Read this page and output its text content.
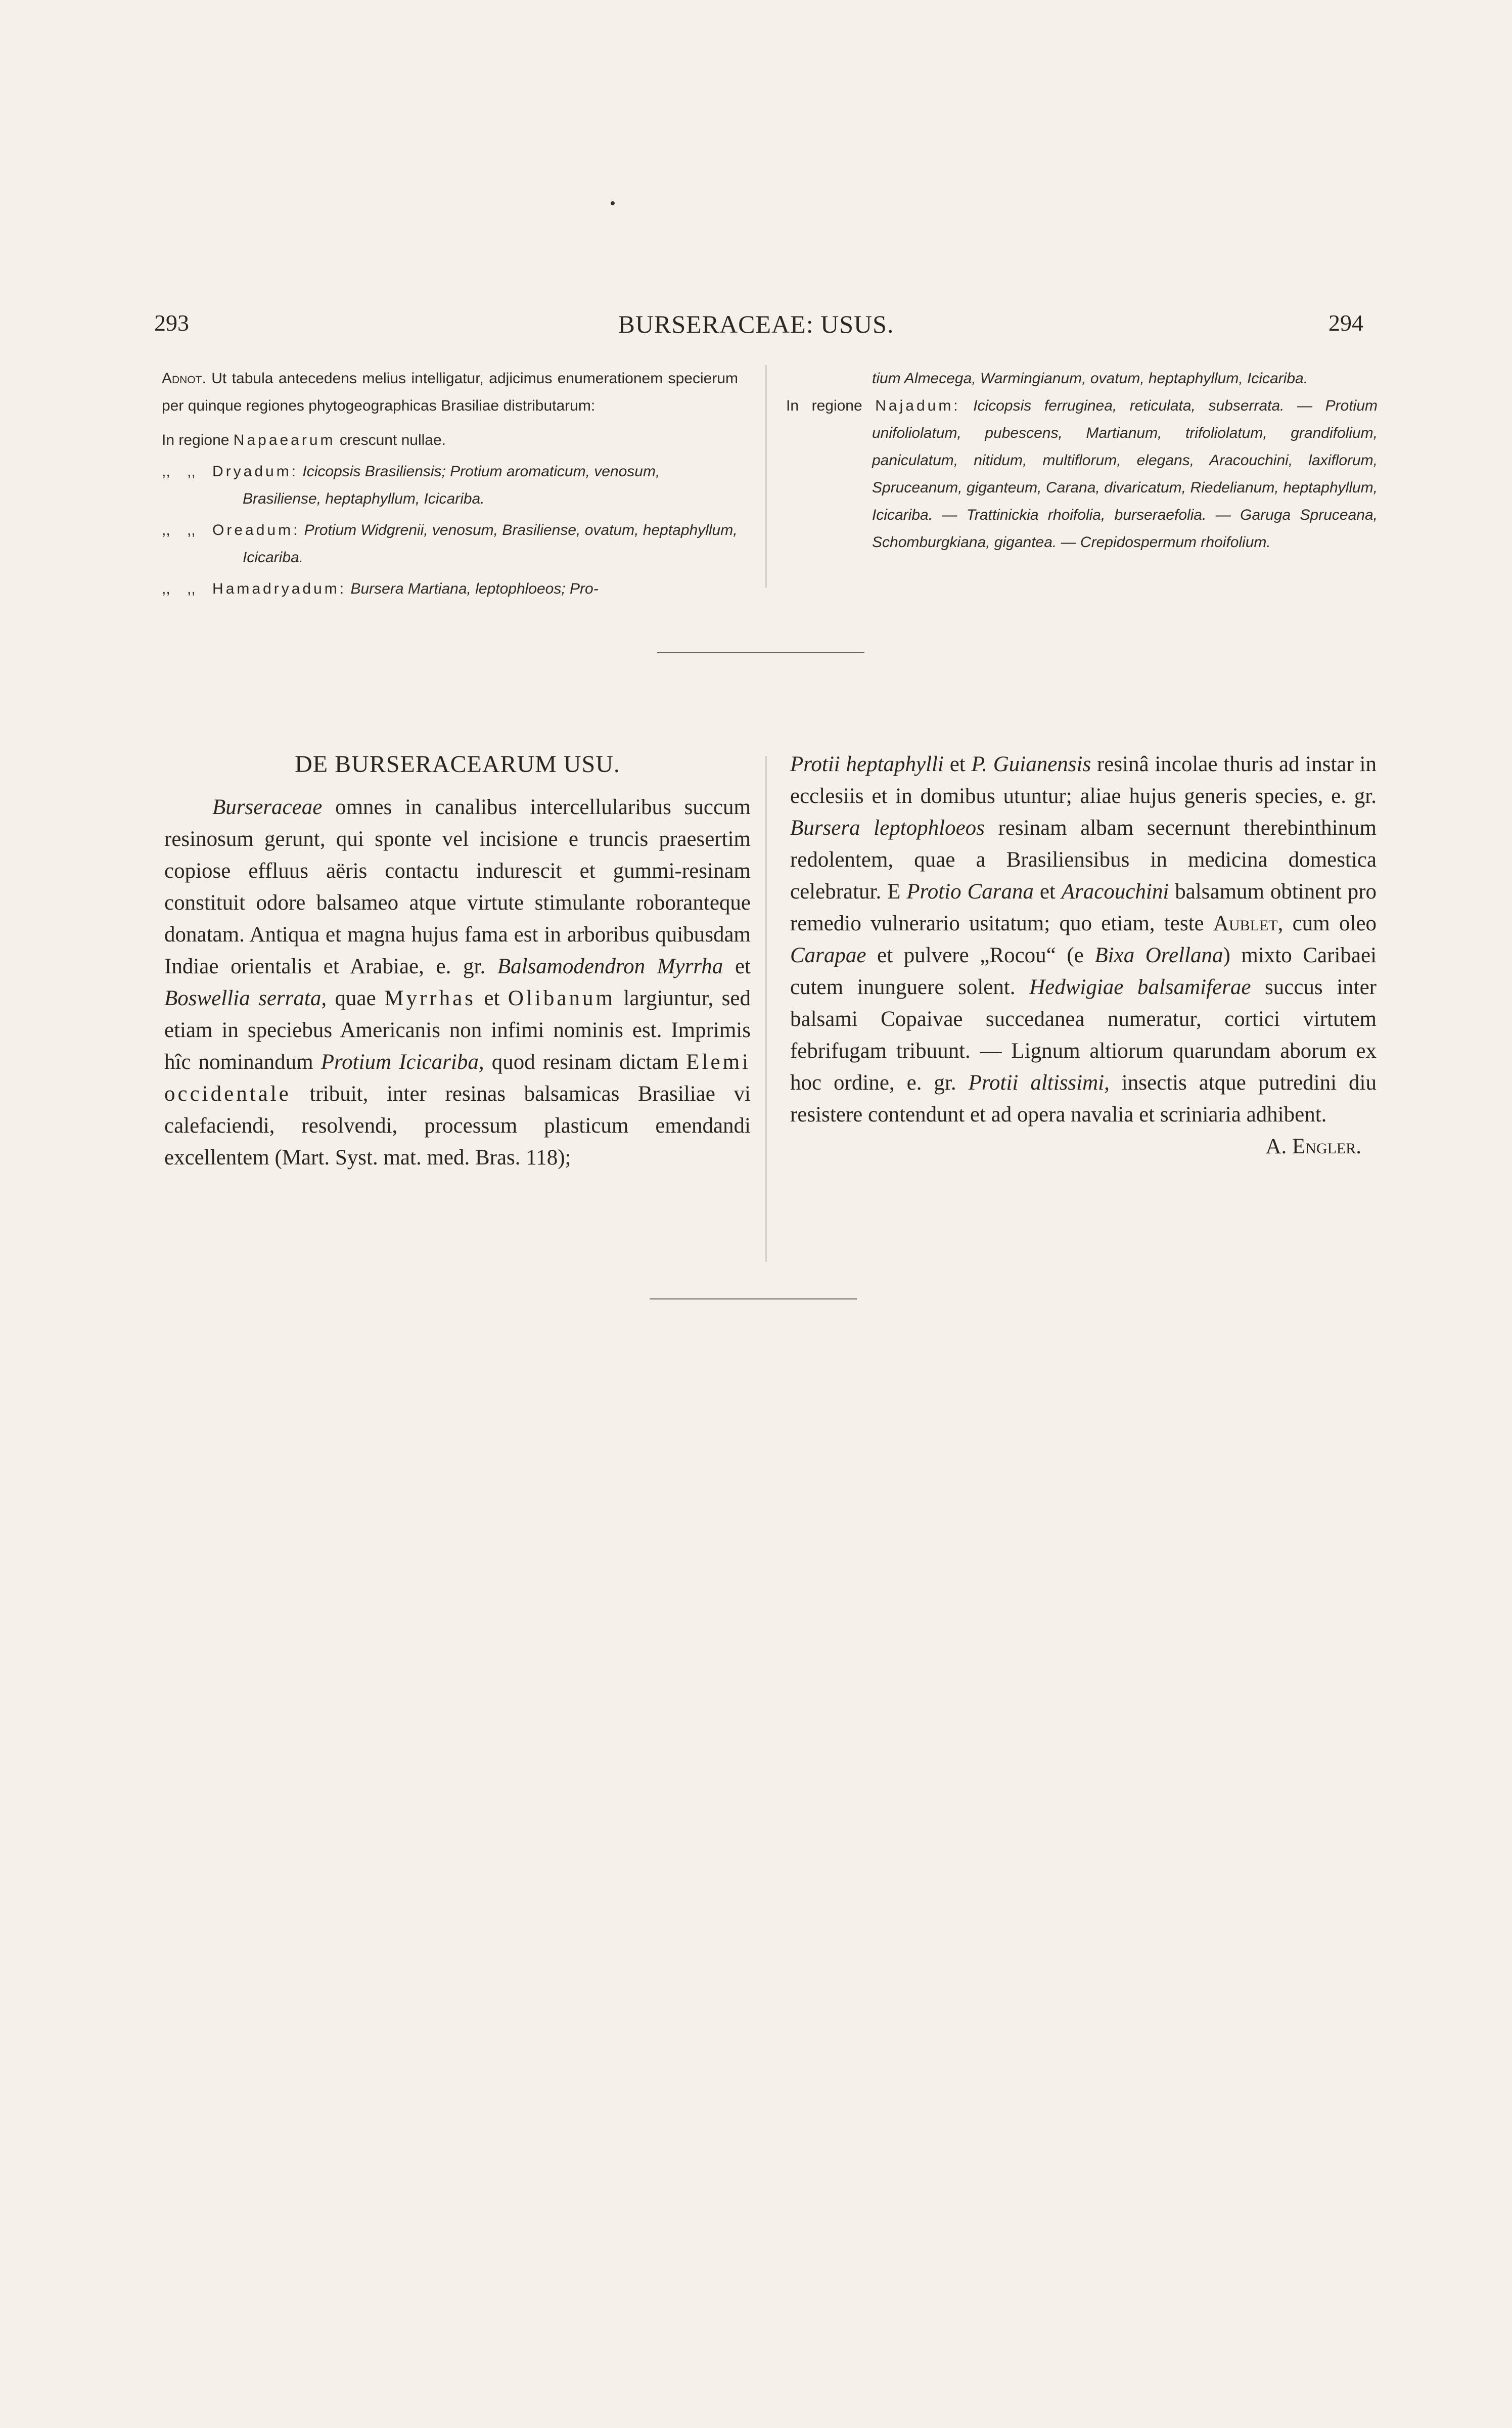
293	BURSERACEAE: USUS.	294

Adnot. Ut tabula antecedens melius intelligatur, adjicimus enumerationem specierum per quinque regiones phytogeographicas Brasiliae distributarum:

In regione Napaearum crescunt nullae.

,,    ,, Dryadum: Icicopsis Brasiliensis; Protium aromaticum, venosum, Brasiliense, heptaphyllum, Icicariba.

,,    ,, Oreadum: Protium Widgrenii, venosum, Brasiliense, ovatum, heptaphyllum, Icicariba.

,,    ,, Hamadryadum: Bursera Martiana, leptophloeos; Pro-

tium Almecega, Warmingianum, ovatum, heptaphyllum, Icicariba.

In regione Najadum: Icicopsis ferruginea, reticulata, subserrata. — Protium unifoliolatum, pubescens, Martianum, trifoliolatum, grandifolium, paniculatum, nitidum, multiflorum, elegans, Aracouchini, laxiflorum, Spruceanum, giganteum, Carana, divaricatum, Riedelianum, heptaphyllum, Icicariba. — Trattinickia rhoifolia, burseraefolia. — Garuga Spruceana, Schomburgkiana, gigantea. — Crepidospermum rhoifolium.

DE BURSERACEARUM USU.

Burseraceae omnes in canalibus intercellularibus succum resinosum gerunt, qui sponte vel incisione e truncis praesertim copiose effluus aëris contactu indurescit et gummi-resinam constituit odore balsameo atque virtute stimulante roboranteque donatam. Antiqua et magna hujus fama est in arboribus quibusdam Indiae orientalis et Arabiae, e. gr. Balsamodendron Myrrha et Boswellia serrata, quae Myrrhas et Olibanum largiuntur, sed etiam in speciebus Americanis non infimi nominis est. Imprimis hîc nominandum Protium Icicariba, quod resinam dictam Elemi occidentale tribuit, inter resinas balsamicas Brasiliae vi calefaciendi, resolvendi, processum plasticum emendandi excellentem (Mart. Syst. mat. med. Bras. 118);

Protii heptaphylli et P. Guianensis resinâ incolae thuris ad instar in ecclesiis et in domibus utuntur; aliae hujus generis species, e. gr. Bursera leptophloeos resinam albam secernunt therebinthinum redolentem, quae a Brasiliensibus in medicina domestica celebratur. E Protio Carana et Aracouchini balsamum obtinent pro remedio vulnerario usitatum; quo etiam, teste Aublet, cum oleo Carapae et pulvere „Rocou“ (e Bixa Orellana) mixto Caribaei cutem inunguere solent. Hedwigiae balsamiferae succus inter balsami Copaivae succedanea numeratur, cortici virtutem febrifugam tribuunt. — Lignum altiorum quarundam aborum ex hoc ordine, e. gr. Protii altissimi, insectis atque putredini diu resistere contendunt et ad opera navalia et scriniaria adhibent.

A. Engler.
